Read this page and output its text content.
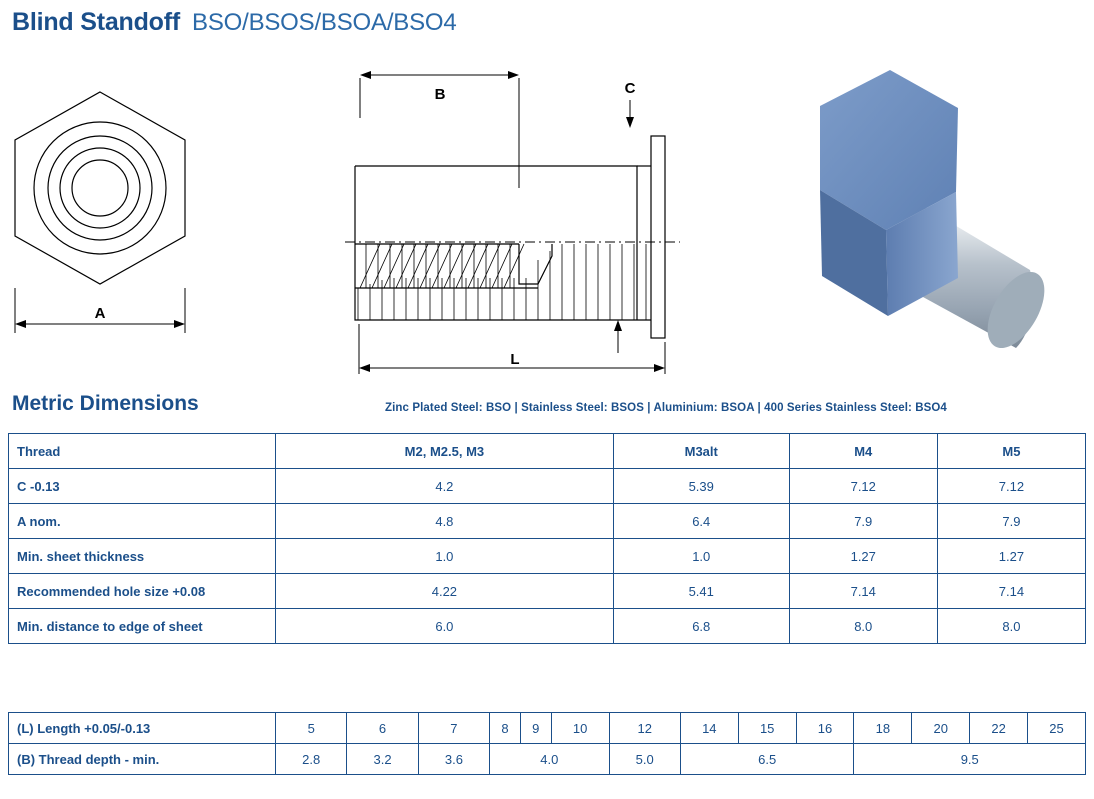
Blind Standoff BSO/BSOS/BSOA/BSO4
A
B	C
L
Metric Dimensions	Zinc Plated Steel: BSO | Stainless Steel: BSOS | Aluminium: BSOA | 400 Series Stainless Steel: BSO4
Thread	M2, M2.5, M3	M3alt	M4	M5
C -0.13	4.2	5.39	7.12	7.12
A nom.	4.8	6.4	7.9	7.9
Min. sheet thickness	1.0	1.0	1.27	1.27
Recommended hole size +0.08	4.22	5.41	7.14	7.14
Min. distance to edge of sheet	6.0	6.8	8.0	8.0
(L) Length +0.05/-0.13	5	6	7	8	9	10	12	14	15	16	18	20	22	25
(B) Thread depth - min.	2.8	3.2	3.6	4.0			5.0	6.5			9.5			
